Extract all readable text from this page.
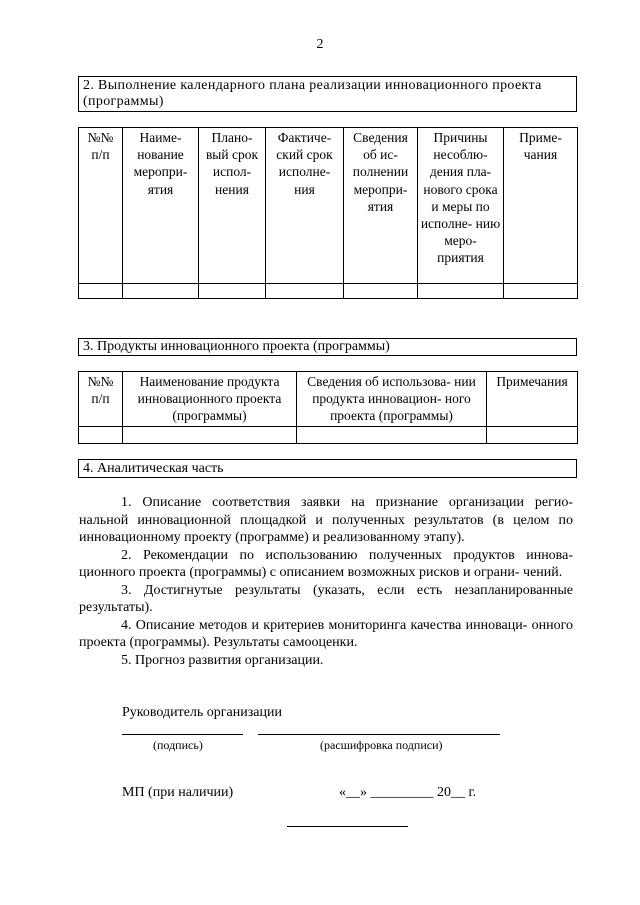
2
2. Выполнение календарного плана реализации инновационного проекта (программы)
№№ п/п	Наиме- нование меропри- ятия	Плано- вый срок испол- нения	Фактиче- ский срок исполне- ния	Сведения об ис- полнении меропри- ятия	Причины несоблю- дения пла- нового срока и меры по исполне- нию меро- приятия	Приме- чания

3. Продукты инновационного проекта (программы)
№№ п/п	Наименование продукта инновационного проекта (программы)	Сведения об использова- нии продукта инновацион- ного проекта (программы)	Примечания

4. Аналитическая часть

1. Описание соответствия заявки на признание организации регио- нальной инновационной площадкой и полученных результатов (в целом по инновационному проекту (программе) и реализованному этапу).

2. Рекомендации по использованию полученных продуктов иннова- ционного проекта (программы) с описанием возможных рисков и ограни- чений.

3. Достигнутые результаты (указать, если есть незапланированные результаты).

4. Описание методов и критериев мониторинга качества инноваци- онного проекта (программы). Результаты самооценки.

5. Прогноз развития организации.

Руководитель организации
(подпись)	(расшифровка подписи)
МП (при наличии)	«__» _________ 20__ г.
